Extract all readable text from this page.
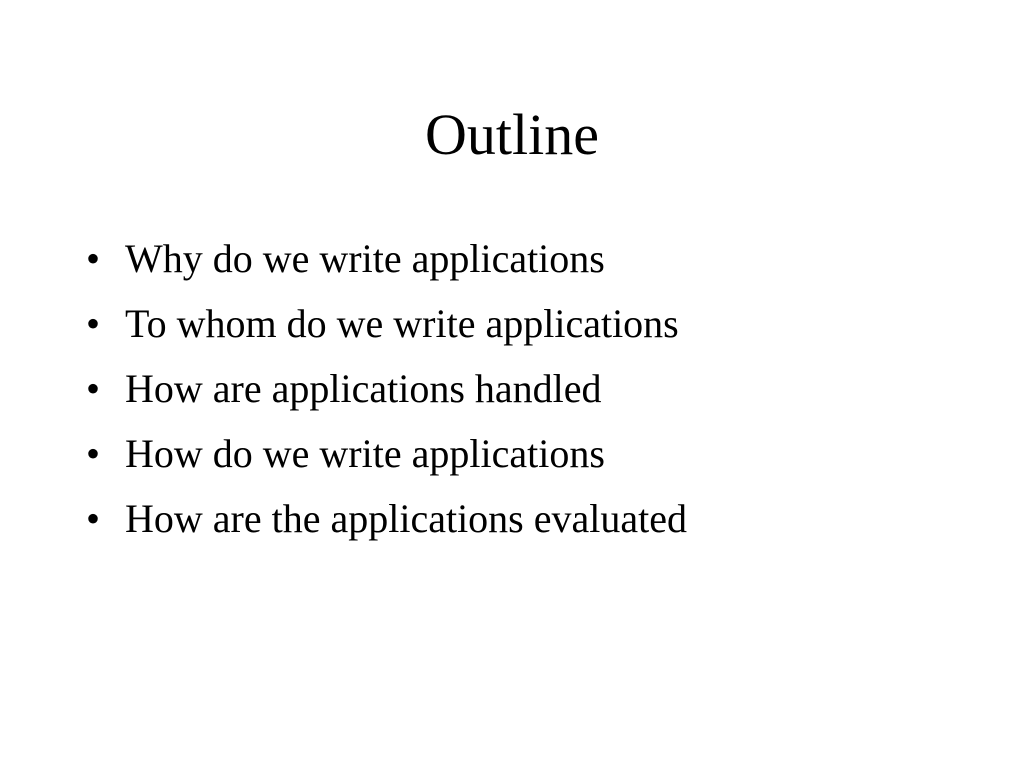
Outline
• Why do we write applications
• To whom do we write applications
• How are applications handled
• How do we write applications
• How are the applications evaluated
